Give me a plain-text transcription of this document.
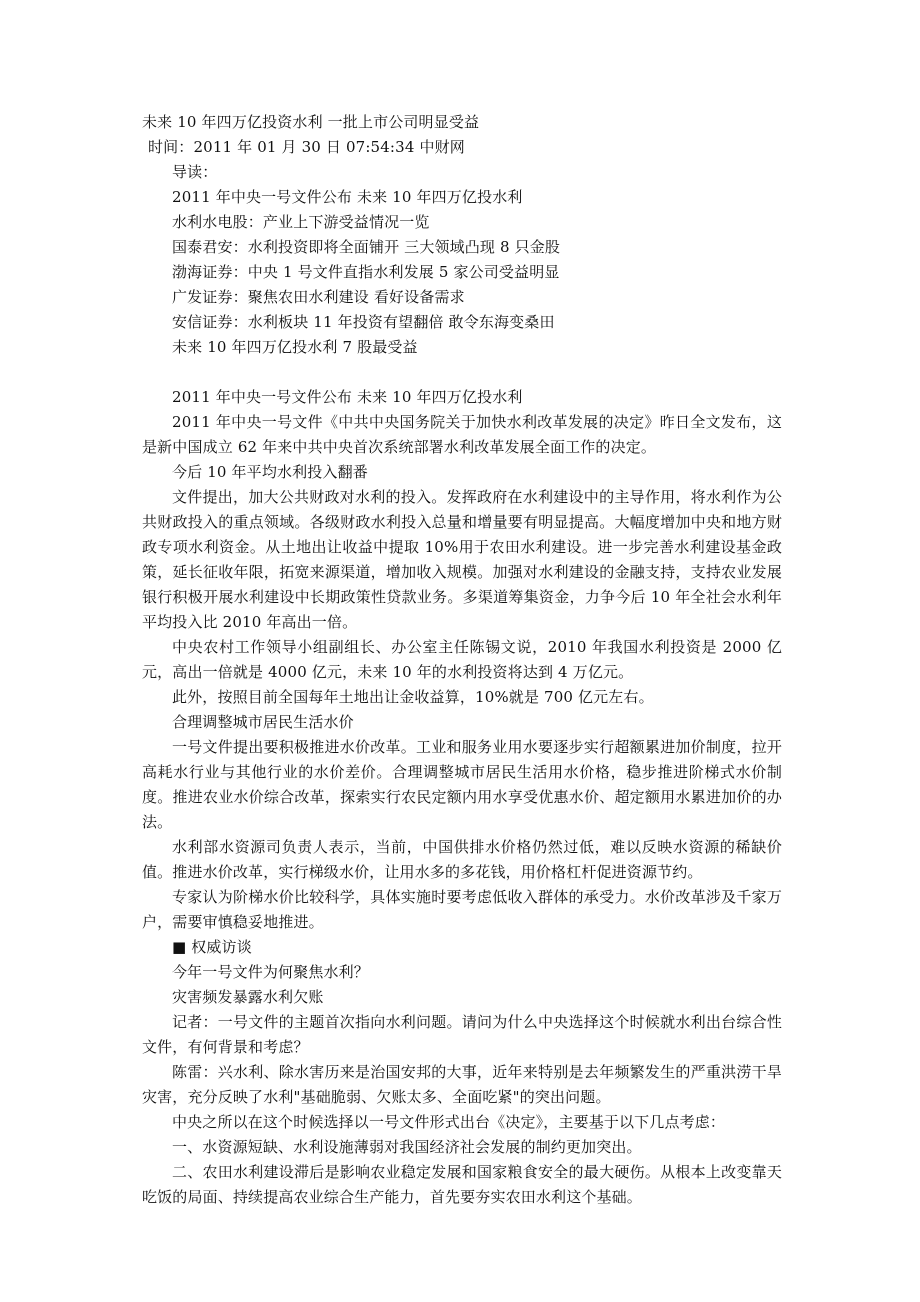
未来 10 年四万亿投资水利 一批上市公司明显受益
时间：2011 年 01 月 30 日 07:54:34 中财网
导读：
2011 年中央一号文件公布 未来 10 年四万亿投水利
水利水电股：产业上下游受益情况一览
国泰君安：水利投资即将全面铺开 三大领域凸现 8 只金股
渤海证券：中央 1 号文件直指水利发展 5 家公司受益明显
广发证券：聚焦农田水利建设 看好设备需求
安信证券：水利板块 11 年投资有望翻倍 敢令东海变桑田
未来 10 年四万亿投水利 7 股最受益
2011 年中央一号文件公布 未来 10 年四万亿投水利

2011 年中央一号文件《中共中央国务院关于加快水利改革发展的决定》昨日全文发布，这是新中国成立 62 年来中共中央首次系统部署水利改革发展全面工作的决定。

今后 10 年平均水利投入翻番

文件提出，加大公共财政对水利的投入。发挥政府在水利建设中的主导作用，将水利作为公共财政投入的重点领域。各级财政水利投入总量和增量要有明显提高。大幅度增加中央和地方财政专项水利资金。从土地出让收益中提取 10%用于农田水利建设。进一步完善水利建设基金政策，延长征收年限，拓宽来源渠道，增加收入规模。加强对水利建设的金融支持，支持农业发展银行积极开展水利建设中长期政策性贷款业务。多渠道筹集资金，力争今后 10 年全社会水利年平均投入比 2010 年高出一倍。

中央农村工作领导小组副组长、办公室主任陈锡文说，2010 年我国水利投资是 2000 亿元，高出一倍就是 4000 亿元，未来 10 年的水利投资将达到 4 万亿元。

此外，按照目前全国每年土地出让金收益算，10%就是 700 亿元左右。

合理调整城市居民生活水价

一号文件提出要积极推进水价改革。工业和服务业用水要逐步实行超额累进加价制度，拉开高耗水行业与其他行业的水价差价。合理调整城市居民生活用水价格，稳步推进阶梯式水价制度。推进农业水价综合改革，探索实行农民定额内用水享受优惠水价、超定额用水累进加价的办法。

水利部水资源司负责人表示，当前，中国供排水价格仍然过低，难以反映水资源的稀缺价值。推进水价改革，实行梯级水价，让用水多的多花钱，用价格杠杆促进资源节约。

专家认为阶梯水价比较科学，具体实施时要考虑低收入群体的承受力。水价改革涉及千家万户，需要审慎稳妥地推进。

■ 权威访谈
今年一号文件为何聚焦水利？
灾害频发暴露水利欠账

记者：一号文件的主题首次指向水利问题。请问为什么中央选择这个时候就水利出台综合性文件，有何背景和考虑？

陈雷：兴水利、除水害历来是治国安邦的大事，近年来特别是去年频繁发生的严重洪涝干旱灾害，充分反映了水利"基础脆弱、欠账太多、全面吃紧"的突出问题。

中央之所以在这个时候选择以一号文件形式出台《决定》，主要基于以下几点考虑：

一、水资源短缺、水利设施薄弱对我国经济社会发展的制约更加突出。

二、农田水利建设滞后是影响农业稳定发展和国家粮食安全的最大硬伤。从根本上改变靠天吃饭的局面、持续提高农业综合生产能力，首先要夯实农田水利这个基础。
